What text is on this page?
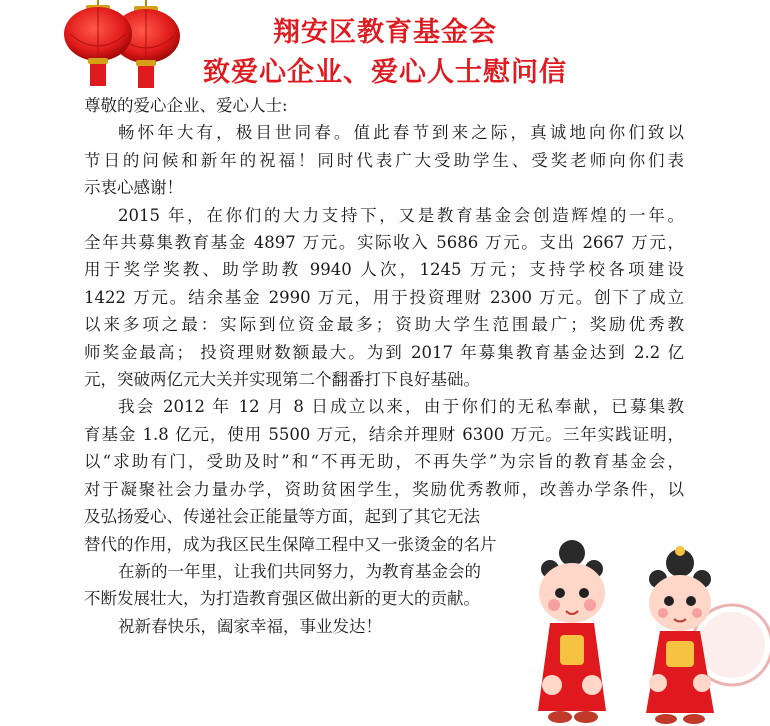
翔安区教育基金会
致爱心企业、爱心人士慰问信
尊敬的爱心企业、爱心人士:
畅怀年大有，极目世同春。值此春节到来之际，真诚地向你们致以
节日的问候和新年的祝福！同时代表广大受助学生、受奖老师向你们表
示衷心感谢！
2015 年，在你们的大力支持下，又是教育基金会创造辉煌的一年。
全年共募集教育基金 4897 万元。实际收入 5686 万元。支出 2667 万元，
用于奖学奖教、助学助教 9940 人次，1245 万元；支持学校各项建设
1422 万元。结余基金 2990 万元，用于投资理财 2300 万元。创下了成立
以来多项之最：实际到位资金最多；资助大学生范围最广；奖励优秀教
师奖金最高； 投资理财数额最大。为到 2017 年募集教育基金达到 2.2 亿
元，突破两亿元大关并实现第二个翻番打下良好基础。
我会 2012 年 12 月 8 日成立以来，由于你们的无私奉献，已募集教
育基金 1.8 亿元，使用 5500 万元，结余并理财 6300 万元。三年实践证明，
以“求助有门，受助及时”和“不再无助，不再失学”为宗旨的教育基金会，
对于凝聚社会力量办学，资助贫困学生，奖励优秀教师，改善办学条件，以
及弘扬爱心、传递社会正能量等方面，起到了其它无法
替代的作用，成为我区民生保障工程中又一张烫金的名片
在新的一年里，让我们共同努力，为教育基金会的
不断发展壮大，为打造教育强区做出新的更大的贡献。
祝新春快乐，阖家幸福，事业发达！
